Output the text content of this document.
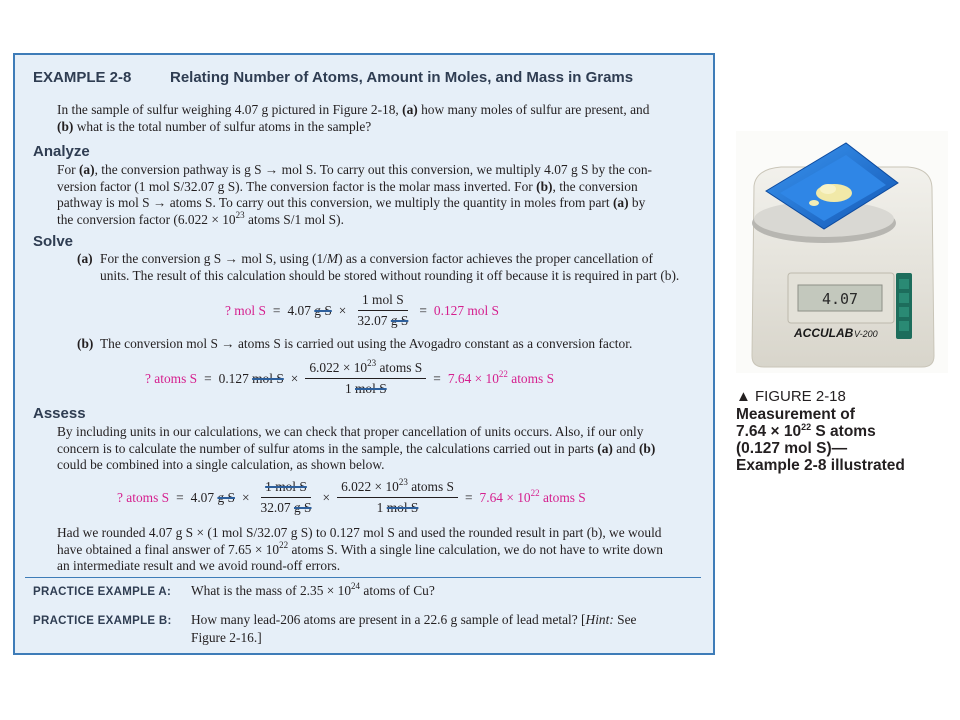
EXAMPLE 2-8	Relating Number of Atoms, Amount in Moles, and Mass in Grams
In the sample of sulfur weighing 4.07 g pictured in Figure 2-18, (a) how many moles of sulfur are present, and
(b) what is the total number of sulfur atoms in the sample?
Analyze
For (a), the conversion pathway is g S → mol S. To carry out this conversion, we multiply 4.07 g S by the con-
version factor (1 mol S/32.07 g S). The conversion factor is the molar mass inverted. For (b), the conversion
pathway is mol S → atoms S. To carry out this conversion, we multiply the quantity in moles from part (a) by
the conversion factor ($6.022 \times 10^{23}$ atoms S/1 mol S).
Solve
(a) For the conversion g S → mol S, using (1/M) as a conversion factor achieves the proper cancellation of
units. The result of this calculation should be stored without rounding it off because it is required in part (b).
? mol S = 4.07 g $S \times \frac{\text{1 mol S}}{\text{32.07 g S}} = 0.127$ mol S
(b) The conversion mol S → atoms S is carried out using the Avogadro constant as a conversion factor.
? atoms S = 0.127 mol $S \times \frac{6.022 \times 10^{23} atoms S}{\text{1 mol S}} = 7.64 \times 10^{22}$ atoms S
Assess
By including units in our calculations, we can check that proper cancellation of units occurs. Also, if our only
concern is to calculate the number of sulfur atoms in the sample, the calculations carried out in parts (a) and (b)
could be combined into a single calculation, as shown below.
? atoms S = 4.07 g $S \times \frac{\text{1 mol S}}{\text{32.07 g S}} \times \frac{6.022 \times 10^{23} atoms S}{\text{1 mol S}} = 7.64 \times 10^{22}$ atoms S
Had we rounded 4.07 g S × (1 mol S/32.07 g S) to 0.127 mol S and used the rounded result in part (b), we would
have obtained a final answer of $7.65 \times 10^{22}$ atoms S. With a single line calculation, we do not have to write down
an intermediate result and we avoid round-off errors.
PRACTICE EXAMPLE A: What is the mass of $2.35 \times 10^{24}$ atoms of Cu?
PRACTICE EXAMPLE B: How many lead-206 atoms are present in a 22.6 g sample of lead metal? [Hint: See
Figure 2-16.]
4.07
ACCULAB V-200
▲ FIGURE 2-18
Measurement of
$7.64 \times 10^{22}$ S atoms
(0.127 mol S)—
Example 2-8 illustrated
